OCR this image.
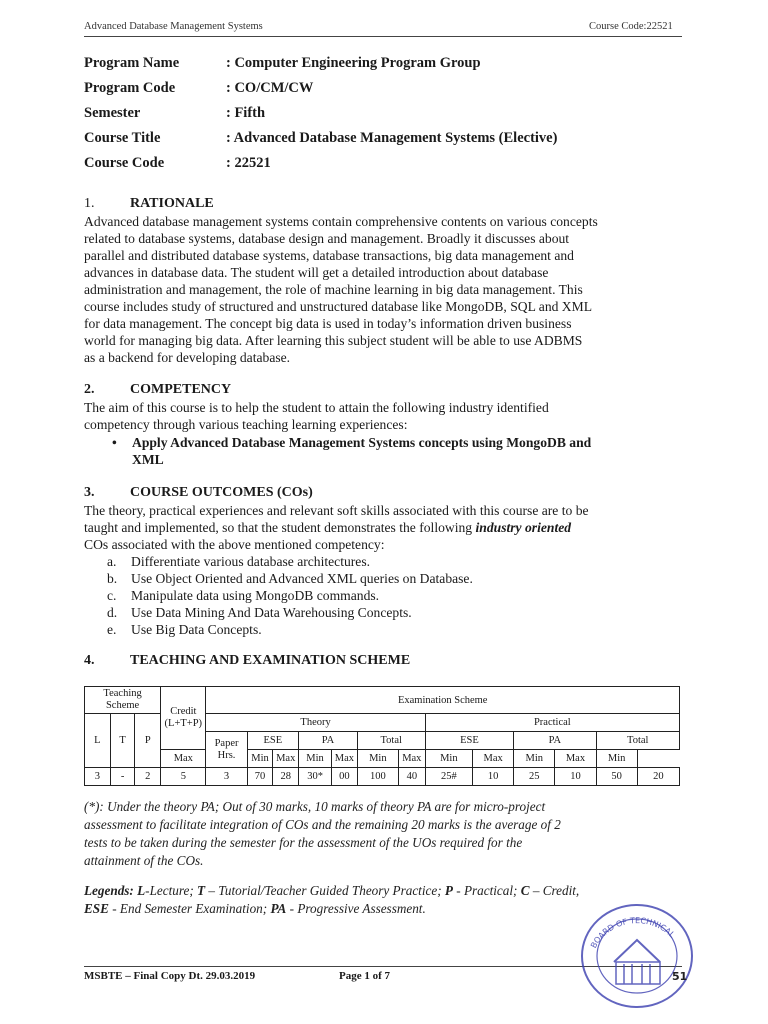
Advanced Database Management Systems	Course Code:22521
Program Name	: Computer Engineering Program Group
Program Code	: CO/CM/CW
Semester	: Fifth
Course Title	: Advanced Database Management Systems (Elective)
Course Code	: 22521
1.	RATIONALE
Advanced database management systems contain comprehensive contents on various concepts
related to database systems, database design and management. Broadly it discusses about
parallel and distributed database systems, database transactions, big data management and
advances in database data. The student will get a detailed introduction about database
administration and management, the role of machine learning in big data management. This
course includes study of structured and unstructured database like MongoDB, SQL and XML
for data management. The concept big data is used in today’s information driven business
world for managing big data. After learning this subject student will be able to use ADBMS
as a backend for developing database.
2.	COMPETENCY
The aim of this course is to help the student to attain the following industry identified
competency through various teaching learning experiences:
• Apply Advanced Database Management Systems concepts using MongoDB and
XML
3.	COURSE OUTCOMES (COs)
The theory, practical experiences and relevant soft skills associated with this course are to be
taught and implemented, so that the student demonstrates the following industry oriented
COs associated with the above mentioned competency:
a. Differentiate various database architectures.
b. Use Object Oriented and Advanced XML queries on Database.
c. Manipulate data using MongoDB commands.
d. Use Data Mining And Data Warehousing Concepts.
e. Use Big Data Concepts.
4.	TEACHING AND EXAMINATION SCHEME
Teaching Scheme			Credit (L+T+P)	Examination Scheme												
L	T	P		Theory							Practical					
				Paper Hrs.	ESE		PA		Total		ESE		PA		Total	
			Max		Min	Max	Min	Max	Min	Max	Min	Max	Min	Max	Min	
3	-	2	5	3	70	28	30*	00	100	40	25#	10	25	10	50	20
(*): Under the theory PA; Out of 30 marks, 10 marks of theory PA are for micro-project
assessment to facilitate integration of COs and the remaining 20 marks is the average of 2
tests to be taken during the semester for the assessment of the UOs required for the
attainment of the COs.
Legends: L-Lecture; T – Tutorial/Teacher Guided Theory Practice; P - Practical; C – Credit,
ESE - End Semester Examination; PA - Progressive Assessment.
MSBTE – Final Copy Dt. 29.03.2019	Page 1 of 7
BOARD OF TECHNICAL
51
